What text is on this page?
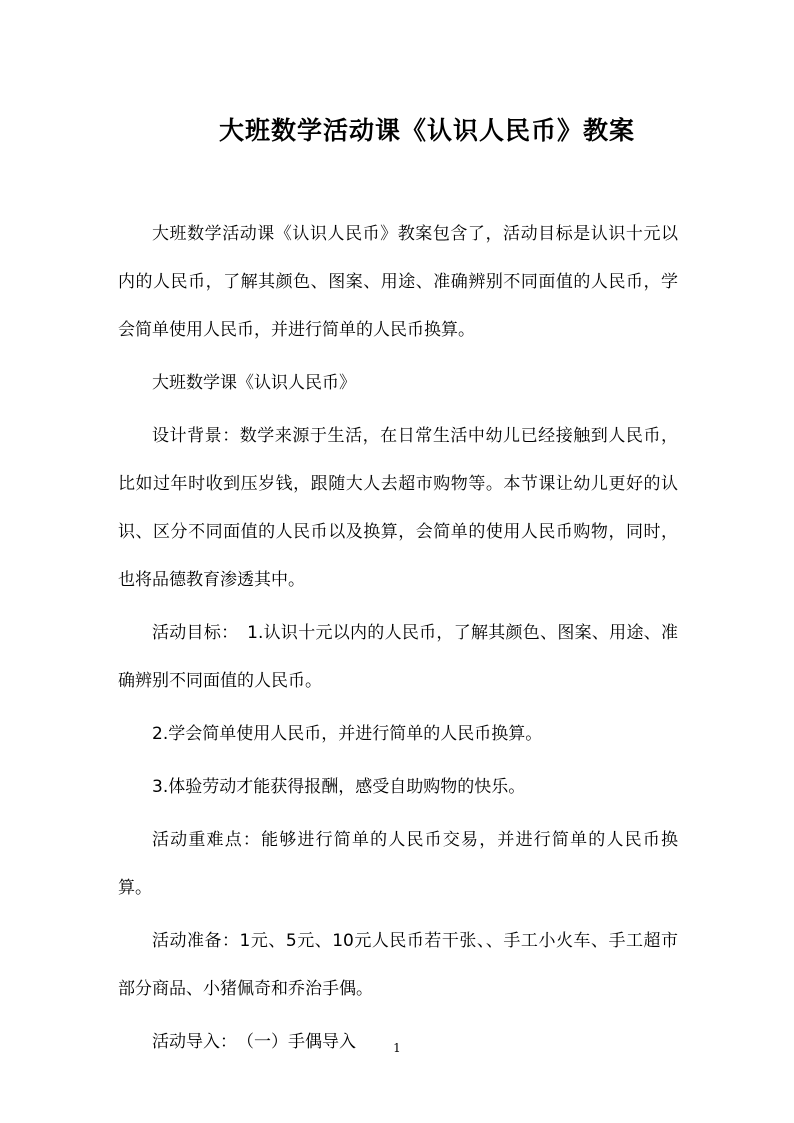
大班数学活动课《认识人民币》教案

大班数学活动课《认识人民币》教案包含了，活动目标是认识十元以内的人民币，了解其颜色、图案、用途、准确辨别不同面值的人民币，学会简单使用人民币，并进行简单的人民币换算。

大班数学课《认识人民币》

设计背景：数学来源于生活，在日常生活中幼儿已经接触到人民币，比如过年时收到压岁钱，跟随大人去超市购物等。本节课让幼儿更好的认识、区分不同面值的人民币以及换算，会简单的使用人民币购物，同时，也将品德教育渗透其中。

活动目标：　1.认识十元以内的人民币，了解其颜色、图案、用途、准确辨别不同面值的人民币。

2.学会简单使用人民币，并进行简单的人民币换算。

3.体验劳动才能获得报酬，感受自助购物的快乐。

活动重难点：能够进行简单的人民币交易，并进行简单的人民币换算。

活动准备：1元、5元、10元人民币若干张、、手工小火车、手工超市部分商品、小猪佩奇和乔治手偶。

活动导入：　（一）手偶导入	1
